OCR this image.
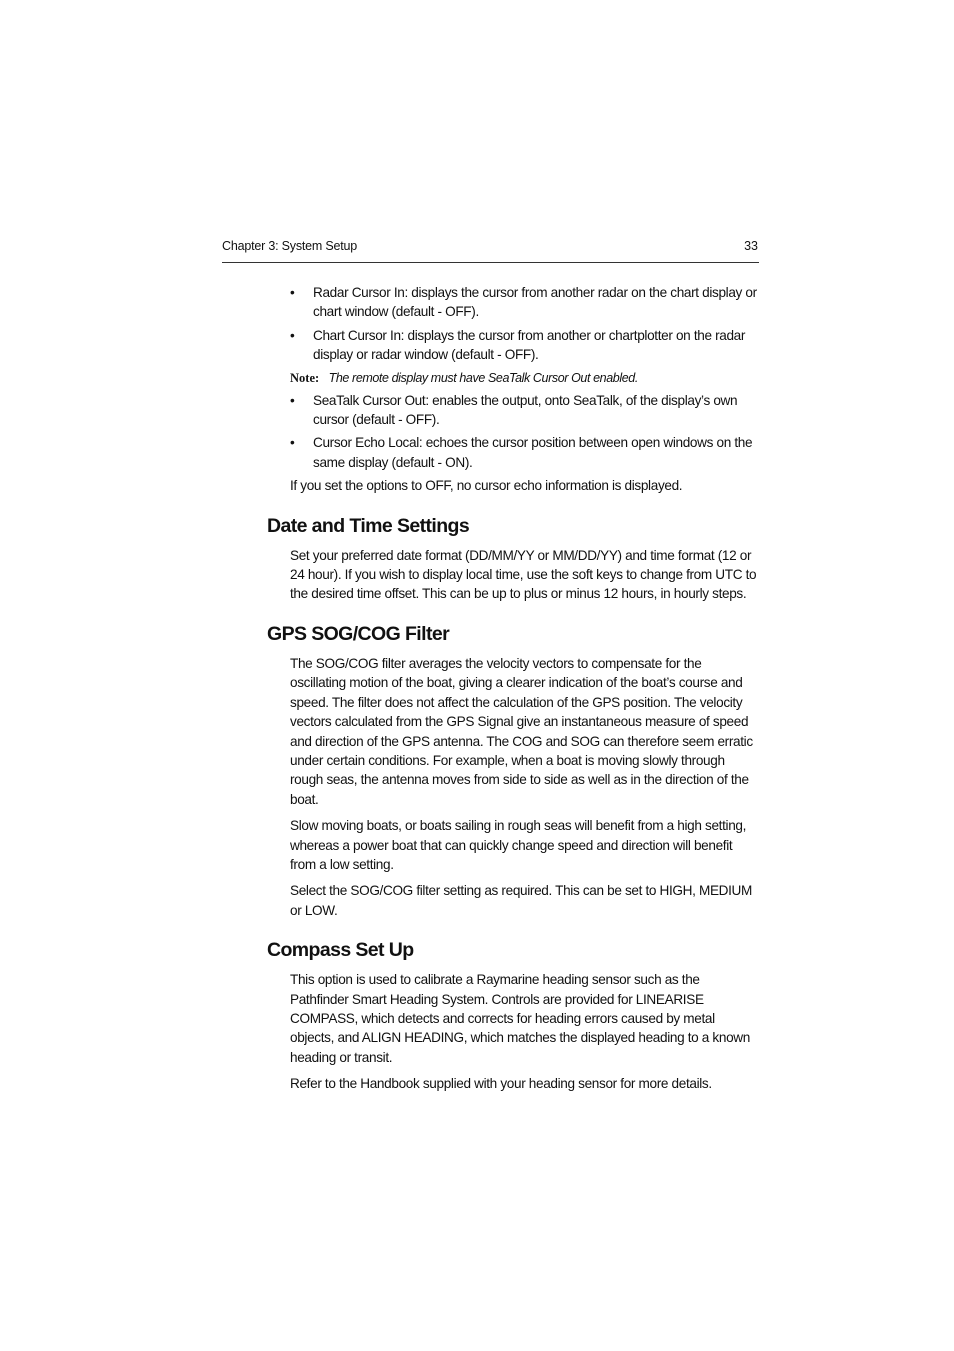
Chapter 3: System Setup	33
• Radar Cursor In: displays the cursor from another radar on the chart display or chart window (default - OFF).
• Chart Cursor In: displays the cursor from another or chartplotter on the radar display or radar window (default - OFF).
Note: The remote display must have SeaTalk Cursor Out enabled.
• SeaTalk Cursor Out: enables the output, onto SeaTalk, of the display’s own cursor (default - OFF).
• Cursor Echo Local: echoes the cursor position between open windows on the same display (default - ON).

If you set the options to OFF, no cursor echo information is displayed.

Date and Time Settings

Set your preferred date format (DD/MM/YY or MM/DD/YY) and time format (12 or 24 hour). If you wish to display local time, use the soft keys to change from UTC to the desired time offset. This can be up to plus or minus 12 hours, in hourly steps.

GPS SOG/COG Filter

The SOG/COG filter averages the velocity vectors to compensate for the oscillating motion of the boat, giving a clearer indication of the boat’s course and speed. The filter does not affect the calculation of the GPS position. The velocity vectors calculated from the GPS Signal give an instantaneous measure of speed and direction of the GPS antenna. The COG and SOG can therefore seem erratic under certain conditions. For example, when a boat is moving slowly through rough seas, the antenna moves from side to side as well as in the direction of the boat.

Slow moving boats, or boats sailing in rough seas will benefit from a high setting, whereas a power boat that can quickly change speed and direction will benefit from a low setting.

Select the SOG/COG filter setting as required. This can be set to HIGH, MEDIUM or LOW.

Compass Set Up

This option is used to calibrate a Raymarine heading sensor such as the Pathfinder Smart Heading System. Controls are provided for LINEARISE COMPASS, which detects and corrects for heading errors caused by metal objects, and ALIGN HEADING, which matches the displayed heading to a known heading or transit.

Refer to the Handbook supplied with your heading sensor for more details.
